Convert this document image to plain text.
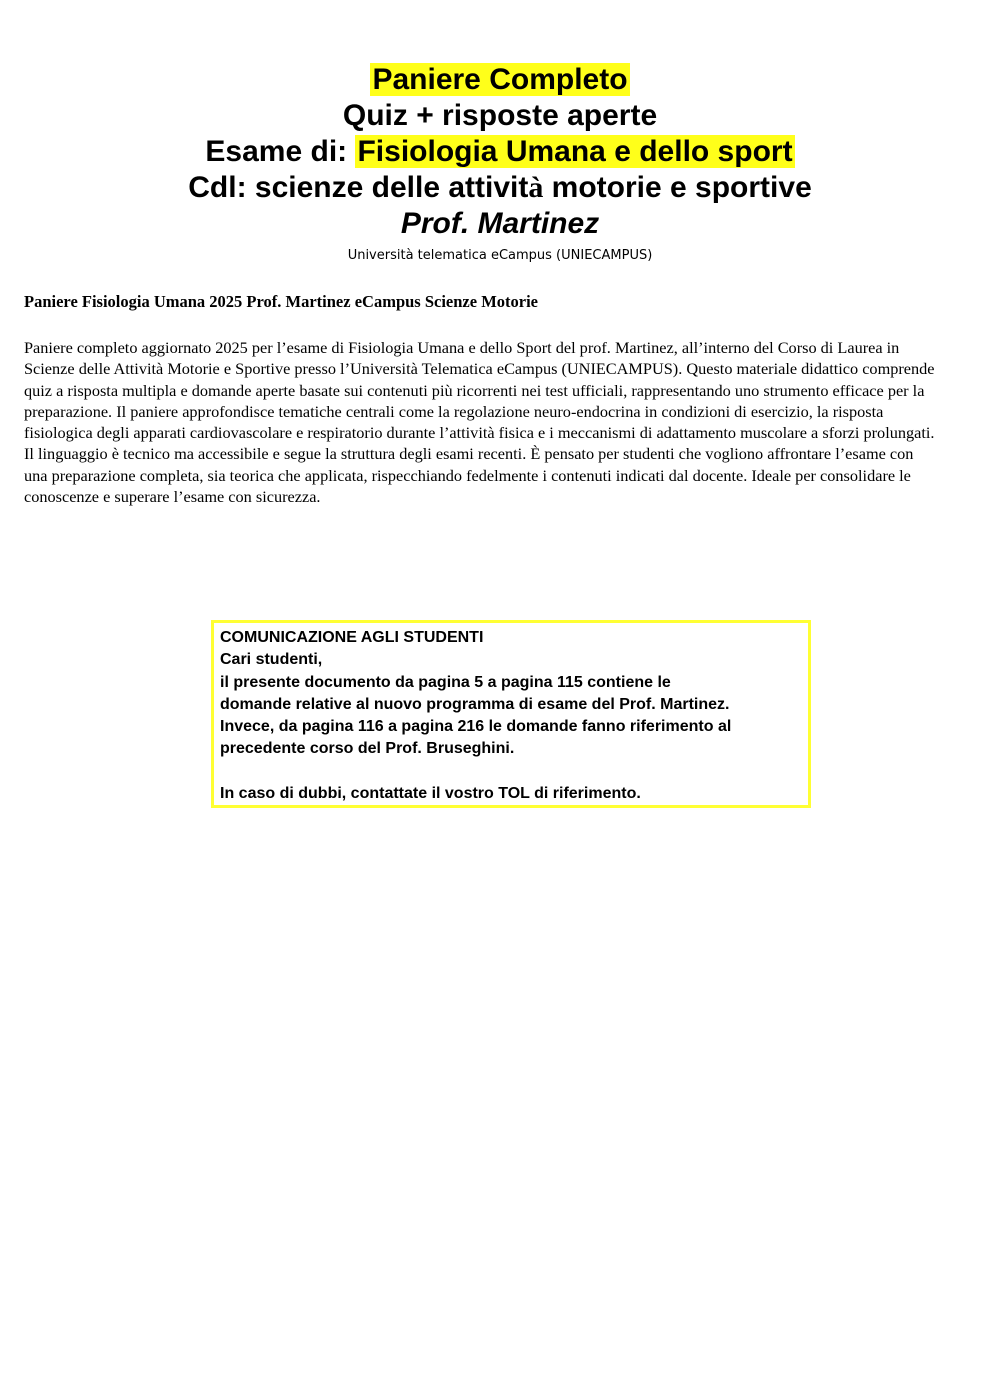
Paniere Completo
Quiz + risposte aperte
Esame di: Fisiologia Umana e dello sport
Cdl: scienze delle attività motorie e sportive
Prof. Martinez
Università telematica eCampus (UNIECAMPUS)

Paniere Fisiologia Umana 2025 Prof. Martinez eCampus Scienze Motorie

Paniere completo aggiornato 2025 per l’esame di Fisiologia Umana e dello Sport del prof. Martinez, all’interno del Corso di Laurea in Scienze delle Attività Motorie e Sportive presso l’Università Telematica eCampus (UNIECAMPUS). Questo materiale didattico comprende quiz a risposta multipla e domande aperte basate sui contenuti più ricorrenti nei test ufficiali, rappresentando uno strumento efficace per la preparazione. Il paniere approfondisce tematiche centrali come la regolazione neuro-endocrina in condizioni di esercizio, la risposta fisiologica degli apparati cardiovascolare e respiratorio durante l’attività fisica e i meccanismi di adattamento muscolare a sforzi prolungati. Il linguaggio è tecnico ma accessibile e segue la struttura degli esami recenti. È pensato per studenti che vogliono affrontare l’esame con una preparazione completa, sia teorica che applicata, rispecchiando fedelmente i contenuti indicati dal docente. Ideale per consolidare le conoscenze e superare l’esame con sicurezza.

COMUNICAZIONE AGLI STUDENTI
Cari studenti,
il presente documento da pagina 5 a pagina 115 contiene le
domande relative al nuovo programma di esame del Prof. Martinez.
Invece, da pagina 116 a pagina 216 le domande fanno riferimento al
precedente corso del Prof. Bruseghini.
In caso di dubbi, contattate il vostro TOL di riferimento.
